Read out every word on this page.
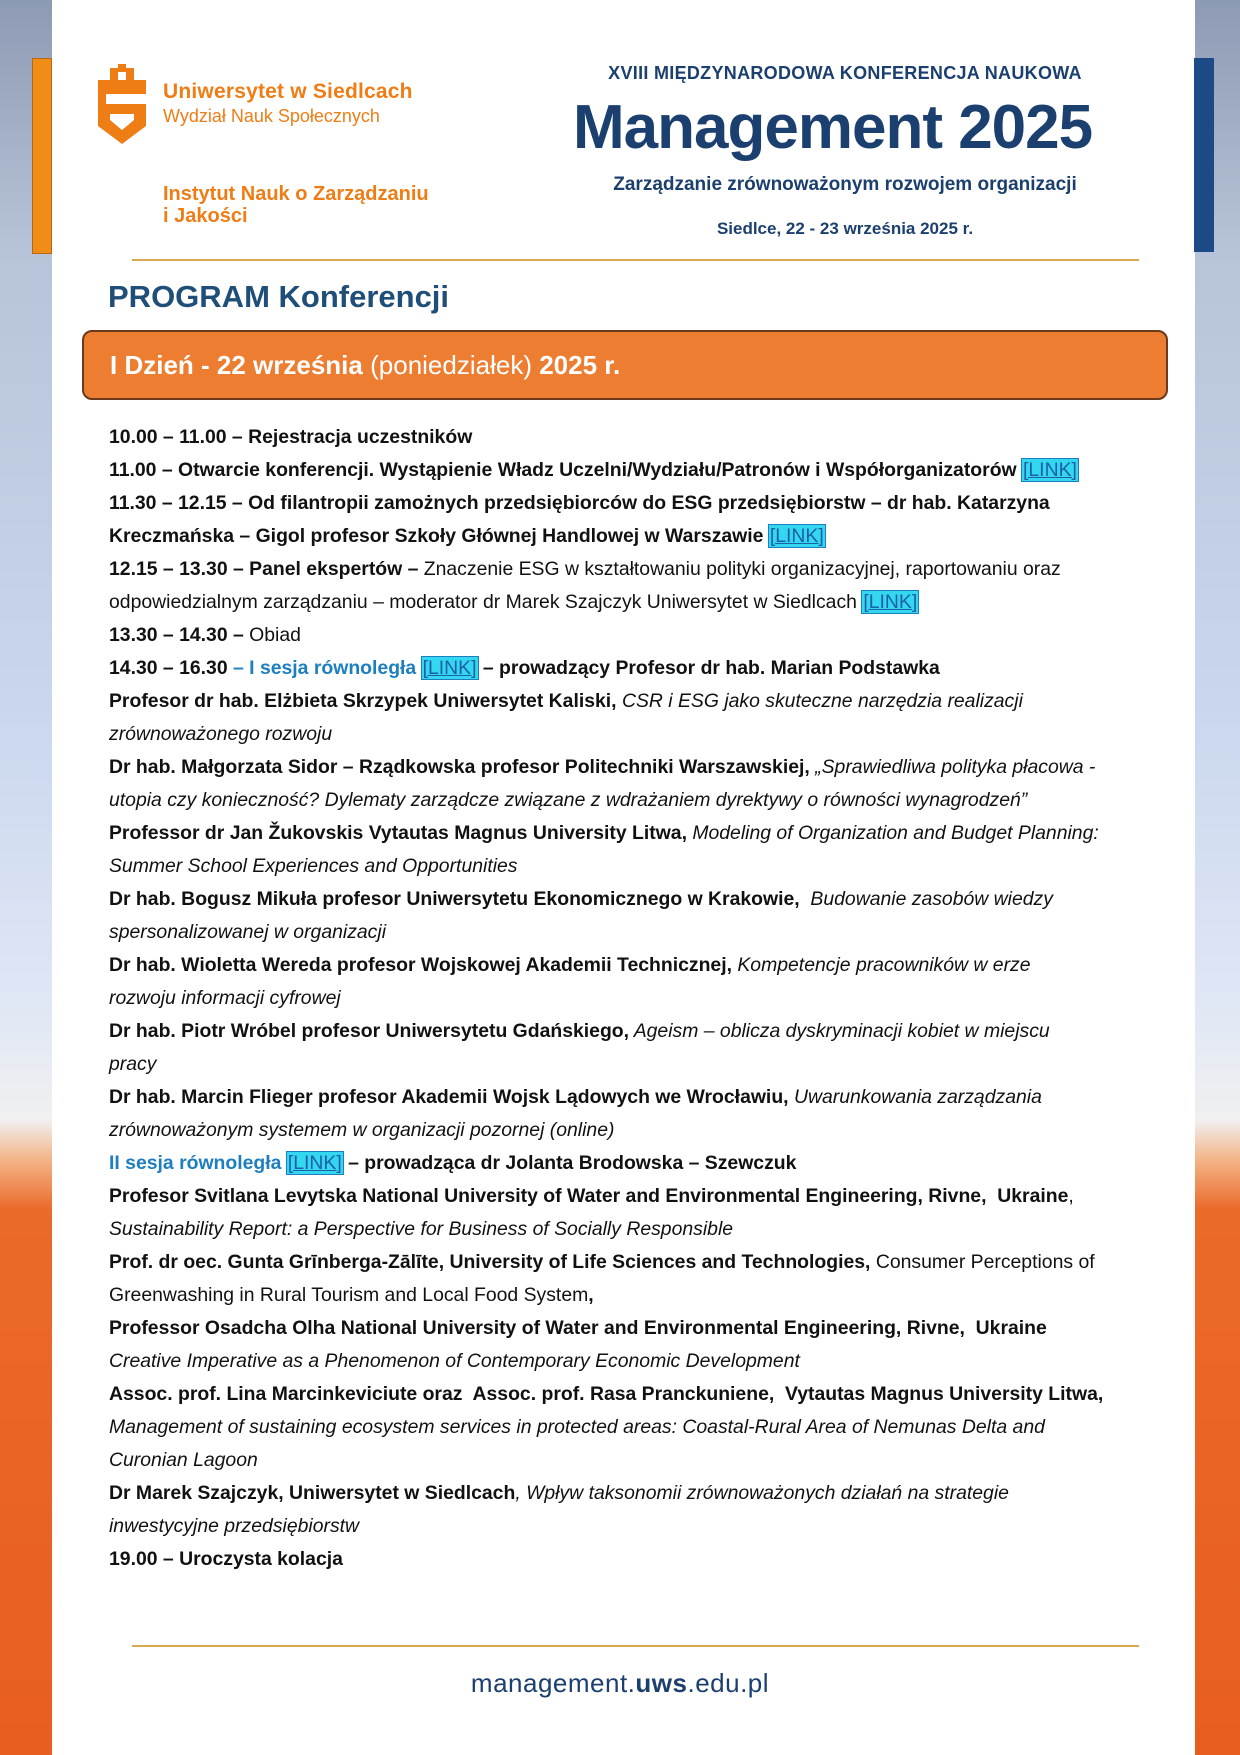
Uniwersytet w Siedlcach
Wydział Nauk Społecznych
Instytut Nauk o Zarządzaniu
i Jakości
XVIII MIĘDZYNARODOWA KONFERENCJA NAUKOWA
Management 2025
Zarządzanie zrównoważonym rozwojem organizacji
Siedlce, 22 - 23 września 2025 r.
PROGRAM Konferencji
I Dzień - 22 września (poniedziałek) 2025 r.
10.00 – 11.00 – Rejestracja uczestników
11.00 – Otwarcie konferencji. Wystąpienie Władz Uczelni/Wydziału/Patronów i Współorganizatorów [LINK]
11.30 – 12.15 – Od filantropii zamożnych przedsiębiorców do ESG przedsiębiorstw – dr hab. Katarzyna
Kreczmańska – Gigol profesor Szkoły Głównej Handlowej w Warszawie [LINK]
12.15 – 13.30 – Panel ekspertów – Znaczenie ESG w kształtowaniu polityki organizacyjnej, raportowaniu oraz
odpowiedzialnym zarządzaniu – moderator dr Marek Szajczyk Uniwersytet w Siedlcach [LINK]
13.30 – 14.30 – Obiad
14.30 – 16.30 – I sesja równoległa [LINK] – prowadzący Profesor dr hab. Marian Podstawka
Profesor dr hab. Elżbieta Skrzypek Uniwersytet Kaliski, CSR i ESG jako skuteczne narzędzia realizacji
zrównoważonego rozwoju
Dr hab. Małgorzata Sidor – Rządkowska profesor Politechniki Warszawskiej, „Sprawiedliwa polityka płacowa -
utopia czy konieczność? Dylematy zarządcze związane z wdrażaniem dyrektywy o równości wynagrodzeń”
Professor dr Jan Žukovskis Vytautas Magnus University Litwa, Modeling of Organization and Budget Planning:
Summer School Experiences and Opportunities
Dr hab. Bogusz Mikuła profesor Uniwersytetu Ekonomicznego w Krakowie,  Budowanie zasobów wiedzy
spersonalizowanej w organizacji
Dr hab. Wioletta Wereda profesor Wojskowej Akademii Technicznej, Kompetencje pracowników w erze
rozwoju informacji cyfrowej
Dr hab. Piotr Wróbel profesor Uniwersytetu Gdańskiego, Ageism – oblicza dyskryminacji kobiet w miejscu
pracy
Dr hab. Marcin Flieger profesor Akademii Wojsk Lądowych we Wrocławiu, Uwarunkowania zarządzania
zrównoważonym systemem w organizacji pozornej (online)
II sesja równoległa [LINK] – prowadząca dr Jolanta Brodowska – Szewczuk
Profesor Svitlana Levytska National University of Water and Environmental Engineering, Rivne,  Ukraine,
Sustainability Report: a Perspective for Business of Socially Responsible
Prof. dr oec. Gunta Grīnberga-Zālīte, University of Life Sciences and Technologies, Consumer Perceptions of
Greenwashing in Rural Tourism and Local Food System,
Professor Osadcha Olha National University of Water and Environmental Engineering, Rivne,  Ukraine
Creative Imperative as a Phenomenon of Contemporary Economic Development
Assoc. prof. Lina Marcinkeviciute oraz  Assoc. prof. Rasa Pranckuniene,  Vytautas Magnus University Litwa,
Management of sustaining ecosystem services in protected areas: Coastal-Rural Area of Nemunas Delta and
Curonian Lagoon
Dr Marek Szajczyk, Uniwersytet w Siedlcach, Wpływ taksonomii zrównoważonych działań na strategie
inwestycyjne przedsiębiorstw
19.00 – Uroczysta kolacja
management.uws.edu.pl
